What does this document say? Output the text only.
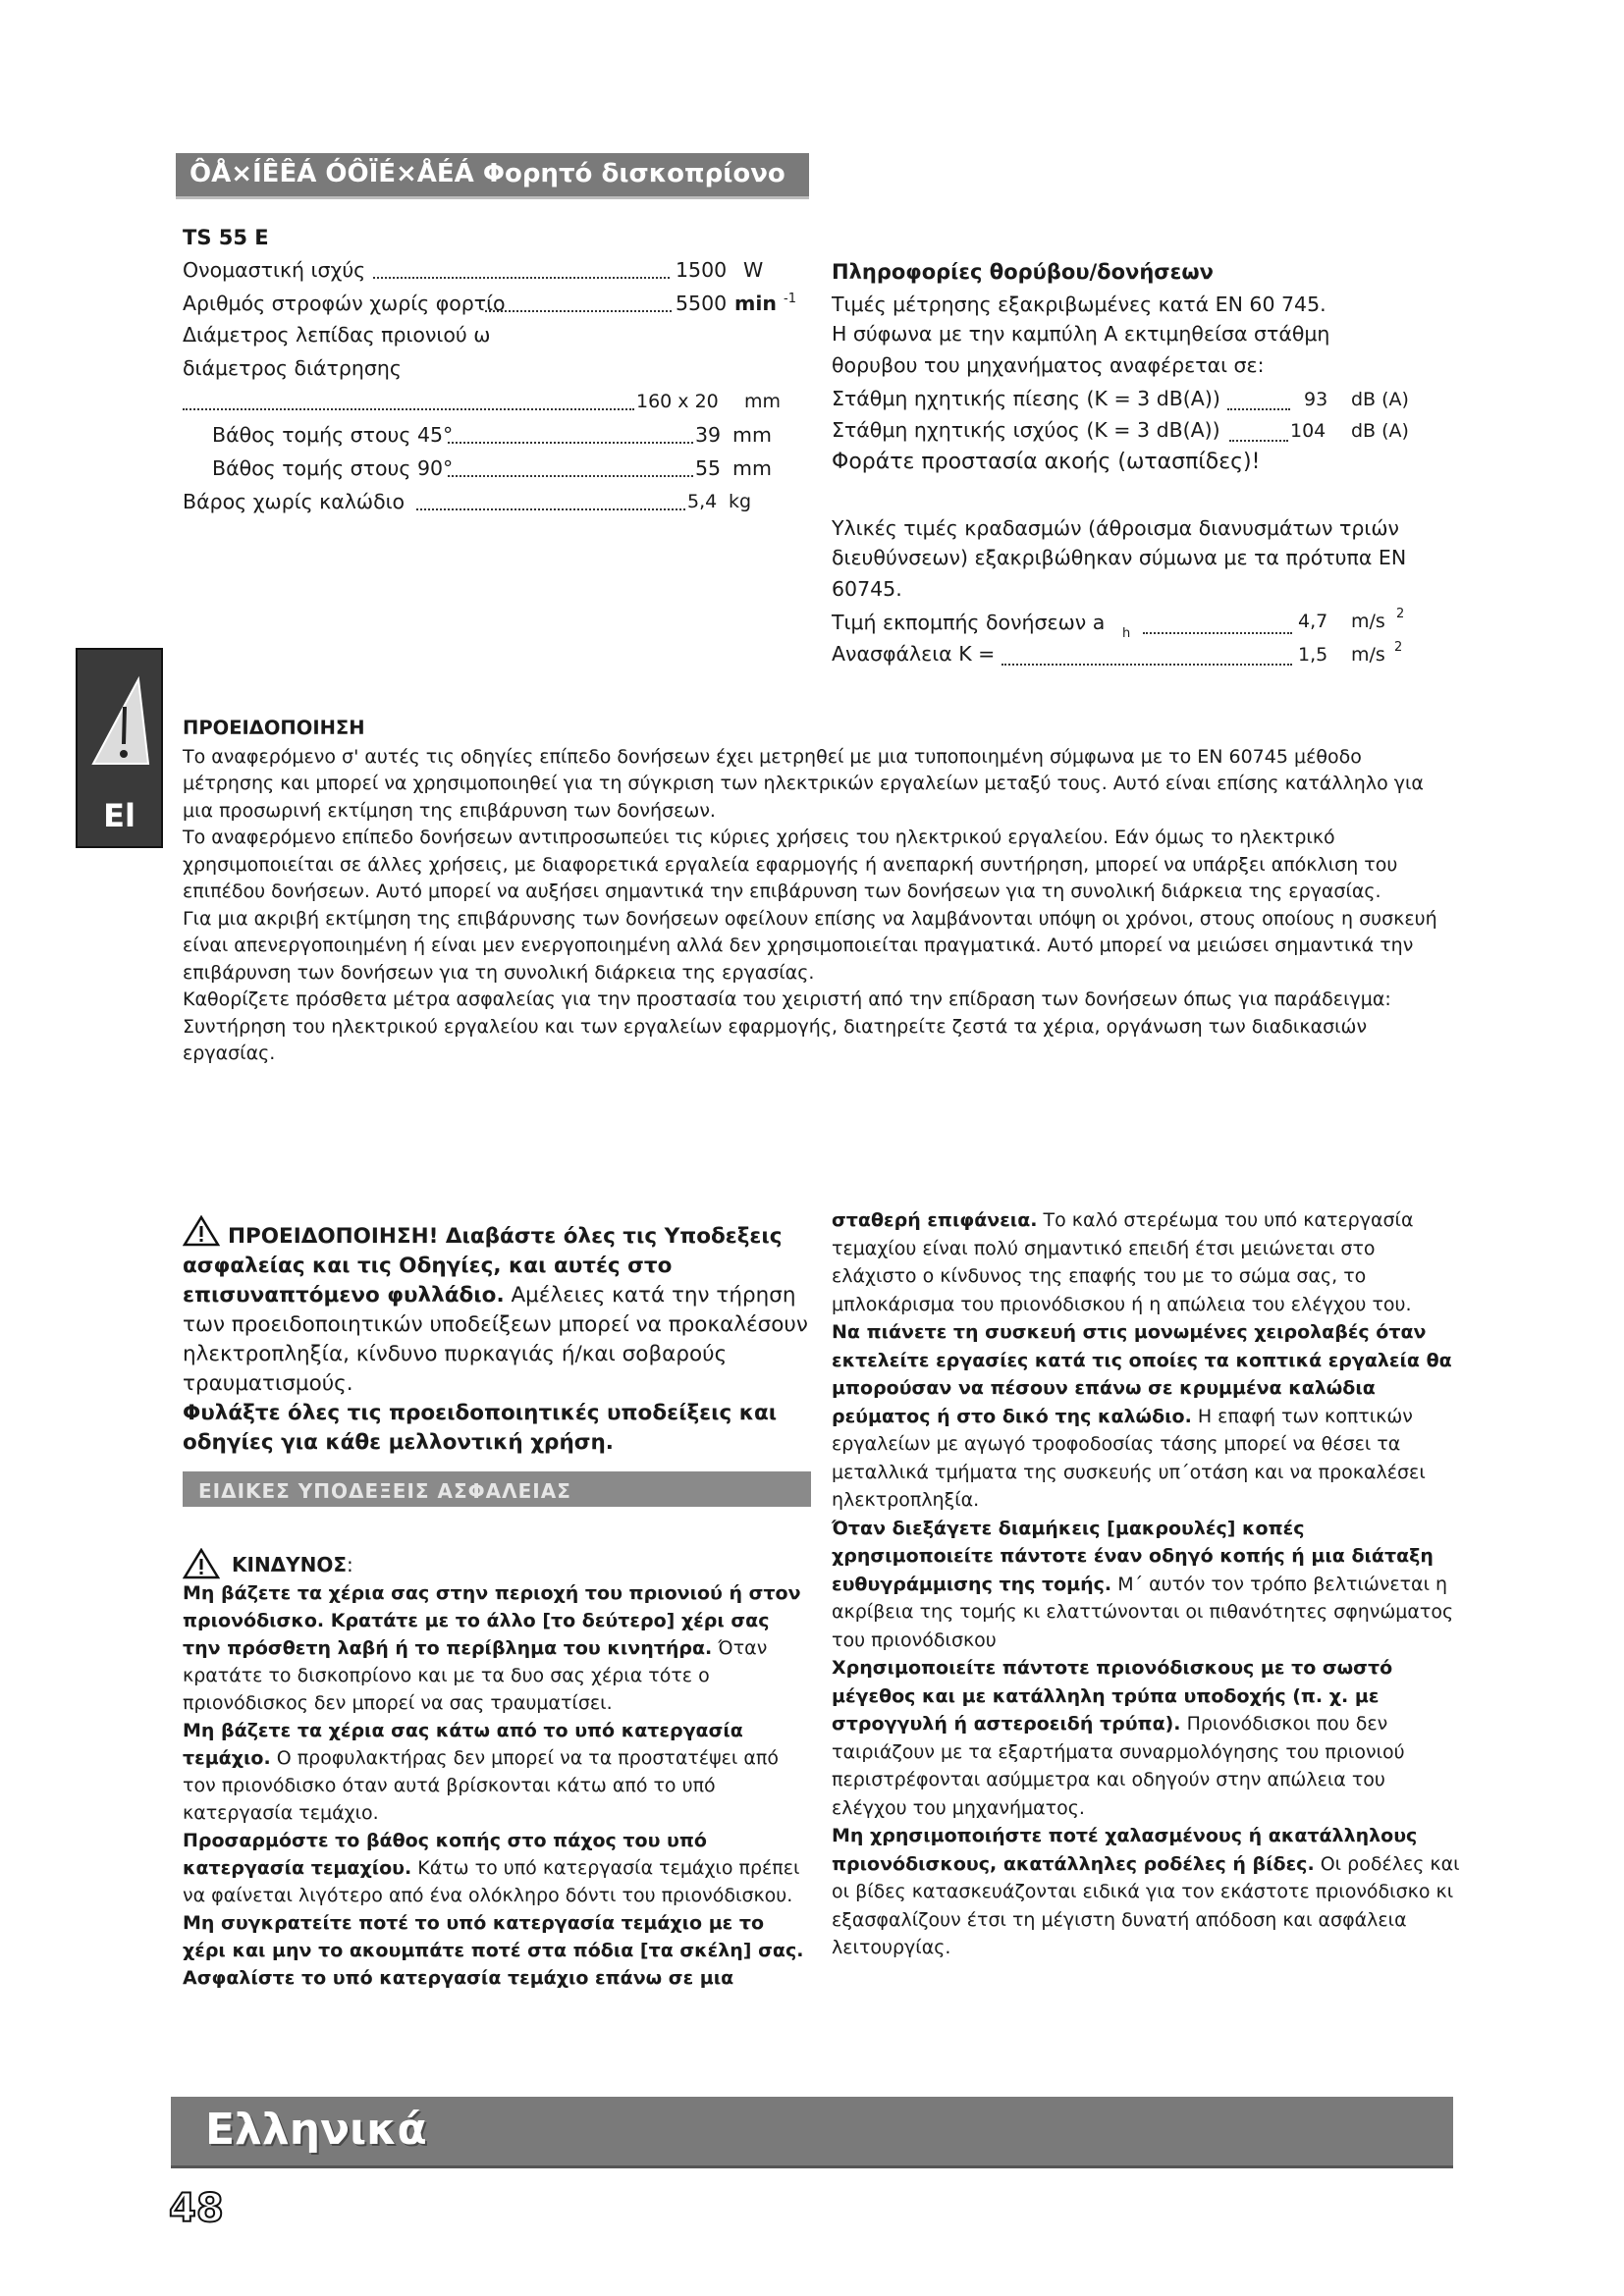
ÔÅ×ÍÊÊÁ ÓÔÏÉ×ÅÉÁ Φορητό δισκοπρίονο
TS 55 E
Ονομαστική ισχύς	1500 W
Αριθμός στροφών χωρίς φορτίο	5500 min -1
Διάμετρος λεπίδας πριονιού ω
διάμετρος διάτρησης
160 x 20 mm
Βάθος τομής στους 45°	39 mm
Βάθος τομής στους 90°	55 mm
Βάρος χωρίς καλώδιο	5,4 kg
Πληροφορίες θορύβου/δονήσεων
Τιμές μέτρησης εξακριβωμένες κατά EN 60 745.
Η σύφωνα με την καμπύλη A εκτιμηθείσα στάθμη
θορυβου του μηχανήματος αναφέρεται σε:
Στάθμη ηχητικής πίεσης (K = 3 dB(A))	93 dB (A)
Στάθμη ηχητικής ισχύος (K = 3 dB(A))	104 dB (A)
Φοράτε προστασία ακοής (ωτασπίδες)!
Υλικές τιμές κραδασμών (άθροισμα διανυσμάτων τριών
διευθύνσεων) εξακριβώθηκαν σύμωνα με τα πρότυπα EN
60745.
Τιμή εκπομπής δονήσεων a h
4,7 m/s 2
Ανασφάλεια K =	1,5 m/s 2
El
ΠΡΟΕΙΔΟΠΟΙΗΣΗ

Το αναφερόμενο σ' αυτές τις οδηγίες επίπεδο δονήσεων έχει μετρηθεί με μια τυποποιημένη σύμφωνα με το EN 60745 μέθοδο μέτρησης και μπορεί να χρησιμοποιηθεί για τη σύγκριση των ηλεκτρικών εργαλείων μεταξύ τους. Αυτό είναι επίσης κατάλληλο για μια προσωρινή εκτίμηση της επιβάρυνση των δονήσεων.

Το αναφερόμενο επίπεδο δονήσεων αντιπροσωπεύει τις κύριες χρήσεις του ηλεκτρικού εργαλείου. Εάν όμως το ηλεκτρικό χρησιμοποιείται σε άλλες χρήσεις, με διαφορετικά εργαλεία εφαρμογής ή ανεπαρκή συντήρηση, μπορεί να υπάρξει απόκλιση του επιπέδου δονήσεων. Αυτό μπορεί να αυξήσει σημαντικά την επιβάρυνση των δονήσεων για τη συνολική διάρκεια της εργασίας.

Για μια ακριβή εκτίμηση της επιβάρυνσης των δονήσεων οφείλουν επίσης να λαμβάνονται υπόψη οι χρόνοι, στους οποίους η συσκευή είναι απενεργοποιημένη ή είναι μεν ενεργοποιημένη αλλά δεν χρησιμοποιείται πραγματικά. Αυτό μπορεί να μειώσει σημαντικά την επιβάρυνση των δονήσεων για τη συνολική διάρκεια της εργασίας.

Καθορίζετε πρόσθετα μέτρα ασφαλείας για την προστασία του χειριστή από την επίδραση των δονήσεων όπως για παράδειγμα: Συντήρηση του ηλεκτρικού εργαλείου και των εργαλείων εφαρμογής, διατηρείτε ζεστά τα χέρια, οργάνωση των διαδικασιών εργασίας.

ΠΡΟΕΙΔΟΠΟΙΗΣΗ! Διαβάστε όλες τις Υποδεξεις ασφαλείας και τις Οδηγίες, και αυτές στο επισυναπτόμενο φυλλάδιο. Αμέλειες κατά την τήρηση των προειδοποιητικών υποδείξεων μπορεί να προκαλέσουν ηλεκτροπληξία, κίνδυνο πυρκαγιάς ή/και σοβαρούς τραυματισμούς.

Φυλάξτε όλες τις προειδοποιητικές υποδείξεις και οδηγίες για κάθε μελλοντική χρήση.

ΕΙΔΙΚΕΣ ΥΠΟΔΕΞΕΙΣ ΑΣΦΑΛΕΙΑΣ
ΚΙΝΔΥΝΟΣ :

Μη βάζετε τα χέρια σας στην περιοχή του πριονιού ή στον πριονόδισκο. Κρατάτε με το άλλο [το δεύτερο] χέρι σας την πρόσθετη λαβή ή το περίβλημα του κινητήρα. Όταν κρατάτε το δισκοπρίονο και με τα δυο σας χέρια τότε ο πριονόδισκος δεν μπορεί να σας τραυματίσει.

Μη βάζετε τα χέρια σας κάτω από το υπό κατεργασία τεμάχιο. Ο προφυλακτήρας δεν μπορεί να τα προστατέψει από τον πριονόδισκο όταν αυτά βρίσκονται κάτω από το υπό κατεργασία τεμάχιο.

Προσαρμόστε το βάθος κοπής στο πάχος του υπό κατεργασία τεμαχίου. Κάτω το υπό κατεργασία τεμάχιο πρέπει να φαίνεται λιγότερο από ένα ολόκληρο δόντι του πριονόδισκου.

Μη συγκρατείτε ποτέ το υπό κατεργασία τεμάχιο με το χέρι και μην το ακουμπάτε ποτέ στα πόδια [τα σκέλη] σας. Ασφαλίστε το υπό κατεργασία τεμάχιο επάνω σε μια

σταθερή επιφάνεια. Το καλό στερέωμα του υπό κατεργασία τεμαχίου είναι πολύ σημαντικό επειδή έτσι μειώνεται στο ελάχιστο ο κίνδυνος της επαφής του με το σώμα σας, το μπλοκάρισμα του πριονόδισκου ή η απώλεια του ελέγχου του.

Να πιάνετε τη συσκευή στις μονωμένες χειρολαβές όταν εκτελείτε εργασίες κατά τις οποίες τα κοπτικά εργαλεία θα μπορούσαν να πέσουν επάνω σε κρυμμένα καλώδια ρεύματος ή στο δικό της καλώδιο. Η επαφή των κοπτικών εργαλείων με αγωγό τροφοδοσίας τάσης μπορεί να θέσει τα μεταλλικά τμήματα της συσκευής υπ΄οτάση και να προκαλέσει ηλεκτροπληξία.

Όταν διεξάγετε διαμήκεις [μακρουλές] κοπές χρησιμοποιείτε πάντοτε έναν οδηγό κοπής ή μια διάταξη ευθυγράμμισης της τομής. Μ΄ αυτόν τον τρόπο βελτιώνεται η ακρίβεια της τομής κι ελαττώνονται οι πιθανότητες σφηνώματος του πριονόδισκου

Χρησιμοποιείτε πάντοτε πριονόδισκους με το σωστό μέγεθος και με κατάλληλη τρύπα υποδοχής (π. χ. με στρογγυλή ή αστεροειδή τρύπα). Πριονόδισκοι που δεν ταιριάζουν με τα εξαρτήματα συναρμολόγησης του πριονιού περιστρέφονται ασύμμετρα και οδηγούν στην απώλεια του ελέγχου του μηχανήματος.

Μη χρησιμοποιήστε ποτέ χαλασμένους ή ακατάλληλους πριονόδισκους, ακατάλληλες ροδέλες ή βίδες. Οι ροδέλες και οι βίδες κατασκευάζονται ειδικά για τον εκάστοτε πριονόδισκο κι εξασφαλίζουν έτσι τη μέγιστη δυνατή απόδοση και ασφάλεια λειτουργίας.

Ελληνικά
48
